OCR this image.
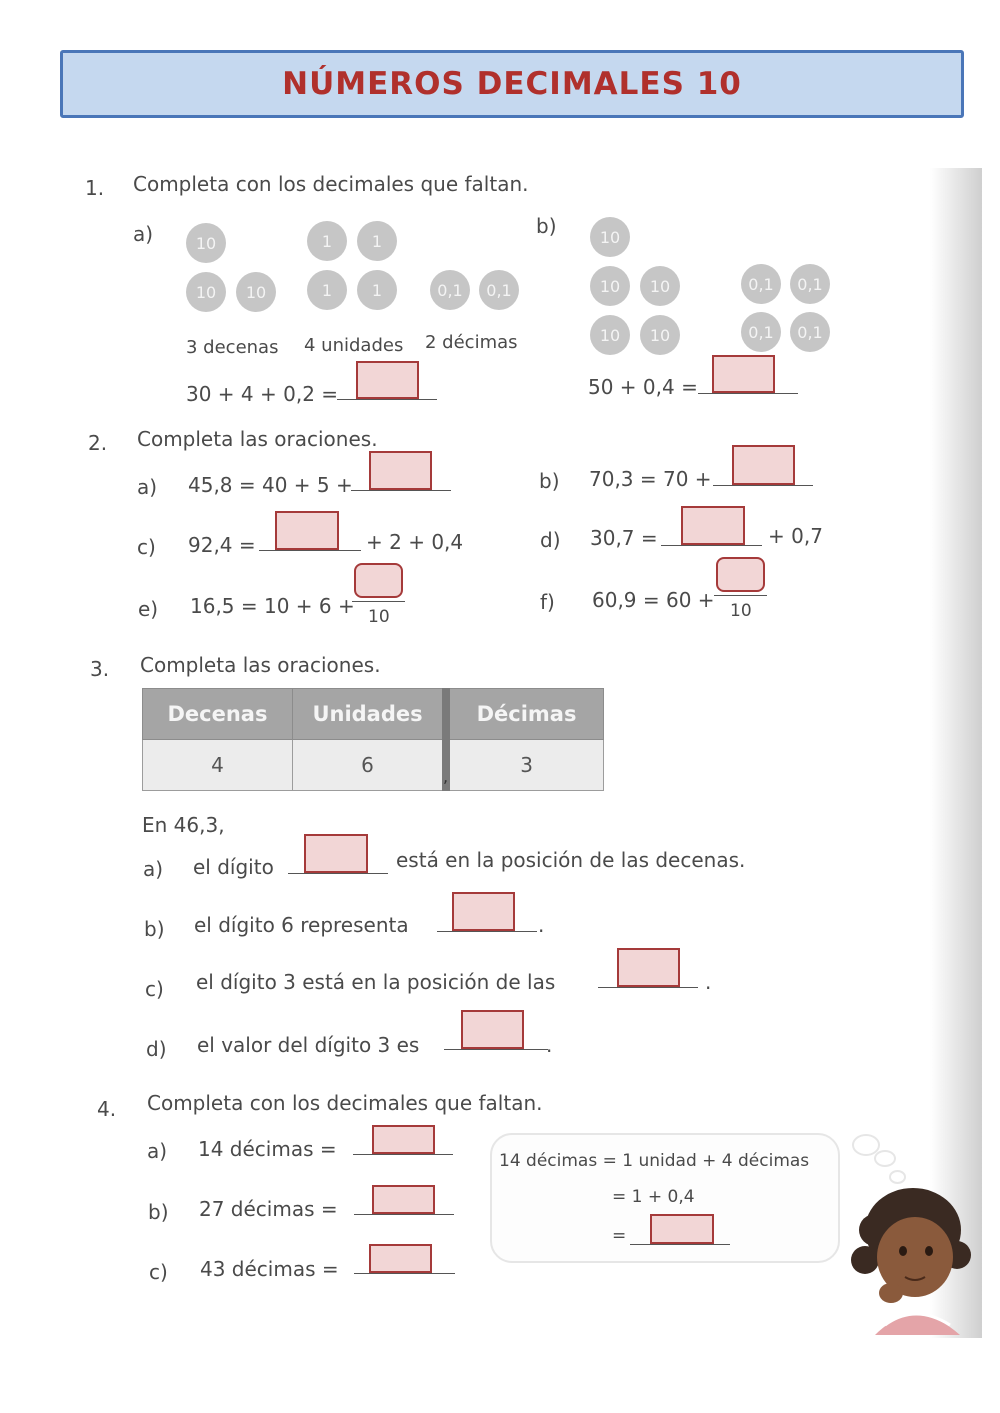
NÚMEROS DECIMALES 10
1. Completa con los decimales que faltan.
a)	10
10	10
1	1
1	1	0,1	0,1
3 decenas 4 unidades 2 décimas
30 + 4 + 0,2 =
b)	10
10	10
10	10
0,1	0,1
0,1	0,1
50 + 0,4 =
2. Completa las oraciones.
a) 45,8 = 40 + 5 +	b) 70,3 = 70 +
c) 92,4 =	+ 2 + 0,4	d) 30,7 =	+ 0,7
e) 16,5 = 10 + 6 + 10
f) 60,9 = 60 + 10
3. Completa las oraciones.
Decenas	Unidades	Décimas
4	6 ,	3
En 46,3,
a) el dígito	está en la posición de las decenas.
b) el dígito 6 representa	.
c) el dígito 3 está en la posición de las	.
d) el valor del dígito 3 es	.
4. Completa con los decimales que faltan.
a) 14 décimas =
b) 27 décimas =
c) 43 décimas =
14 décimas = 1 unidad + 4 décimas
= 1 + 0,4
=
